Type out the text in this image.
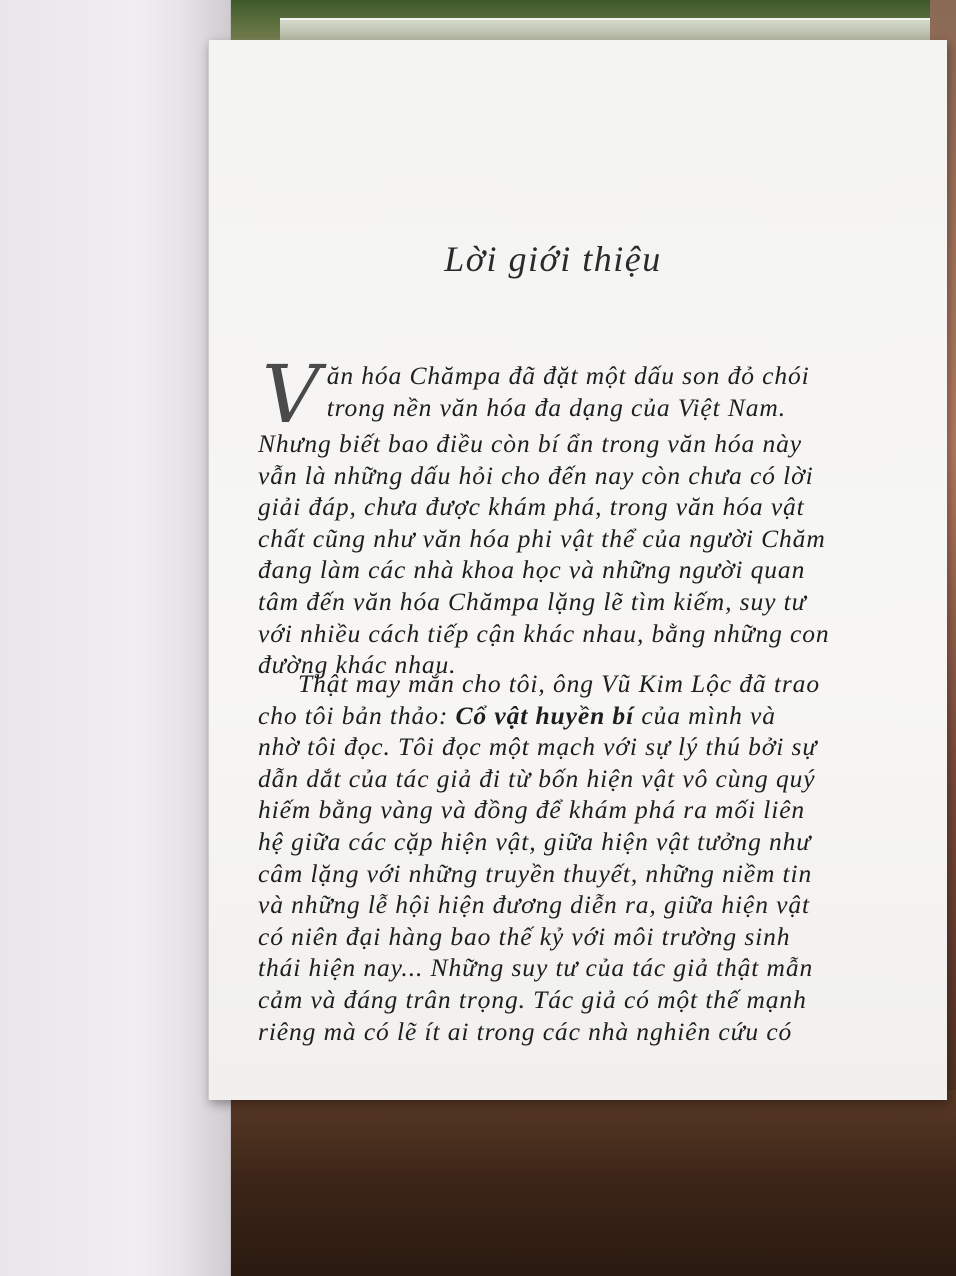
Lời giới thiệu
V ăn hóa Chămpa đã đặt một dấu son đỏ chói
trong nền văn hóa đa dạng của Việt Nam.
Nhưng biết bao điều còn bí ẩn trong văn hóa này
vẫn là những dấu hỏi cho đến nay còn chưa có lời
giải đáp, chưa được khám phá, trong văn hóa vật
chất cũng như văn hóa phi vật thể của người Chăm
đang làm các nhà khoa học và những người quan
tâm đến văn hóa Chămpa lặng lẽ tìm kiếm, suy tư
với nhiều cách tiếp cận khác nhau, bằng những con
đường khác nhau.
Thật may mắn cho tôi, ông Vũ Kim Lộc đã trao
cho tôi bản thảo: Cổ vật huyền bí của mình và
nhờ tôi đọc. Tôi đọc một mạch với sự lý thú bởi sự
dẫn dắt của tác giả đi từ bốn hiện vật vô cùng quý
hiếm bằng vàng và đồng để khám phá ra mối liên
hệ giữa các cặp hiện vật, giữa hiện vật tưởng như
câm lặng với những truyền thuyết, những niềm tin
và những lễ hội hiện đương diễn ra, giữa hiện vật
có niên đại hàng bao thế kỷ với môi trường sinh
thái hiện nay... Những suy tư của tác giả thật mẫn
cảm và đáng trân trọng. Tác giả có một thế mạnh
riêng mà có lẽ ít ai trong các nhà nghiên cứu có
